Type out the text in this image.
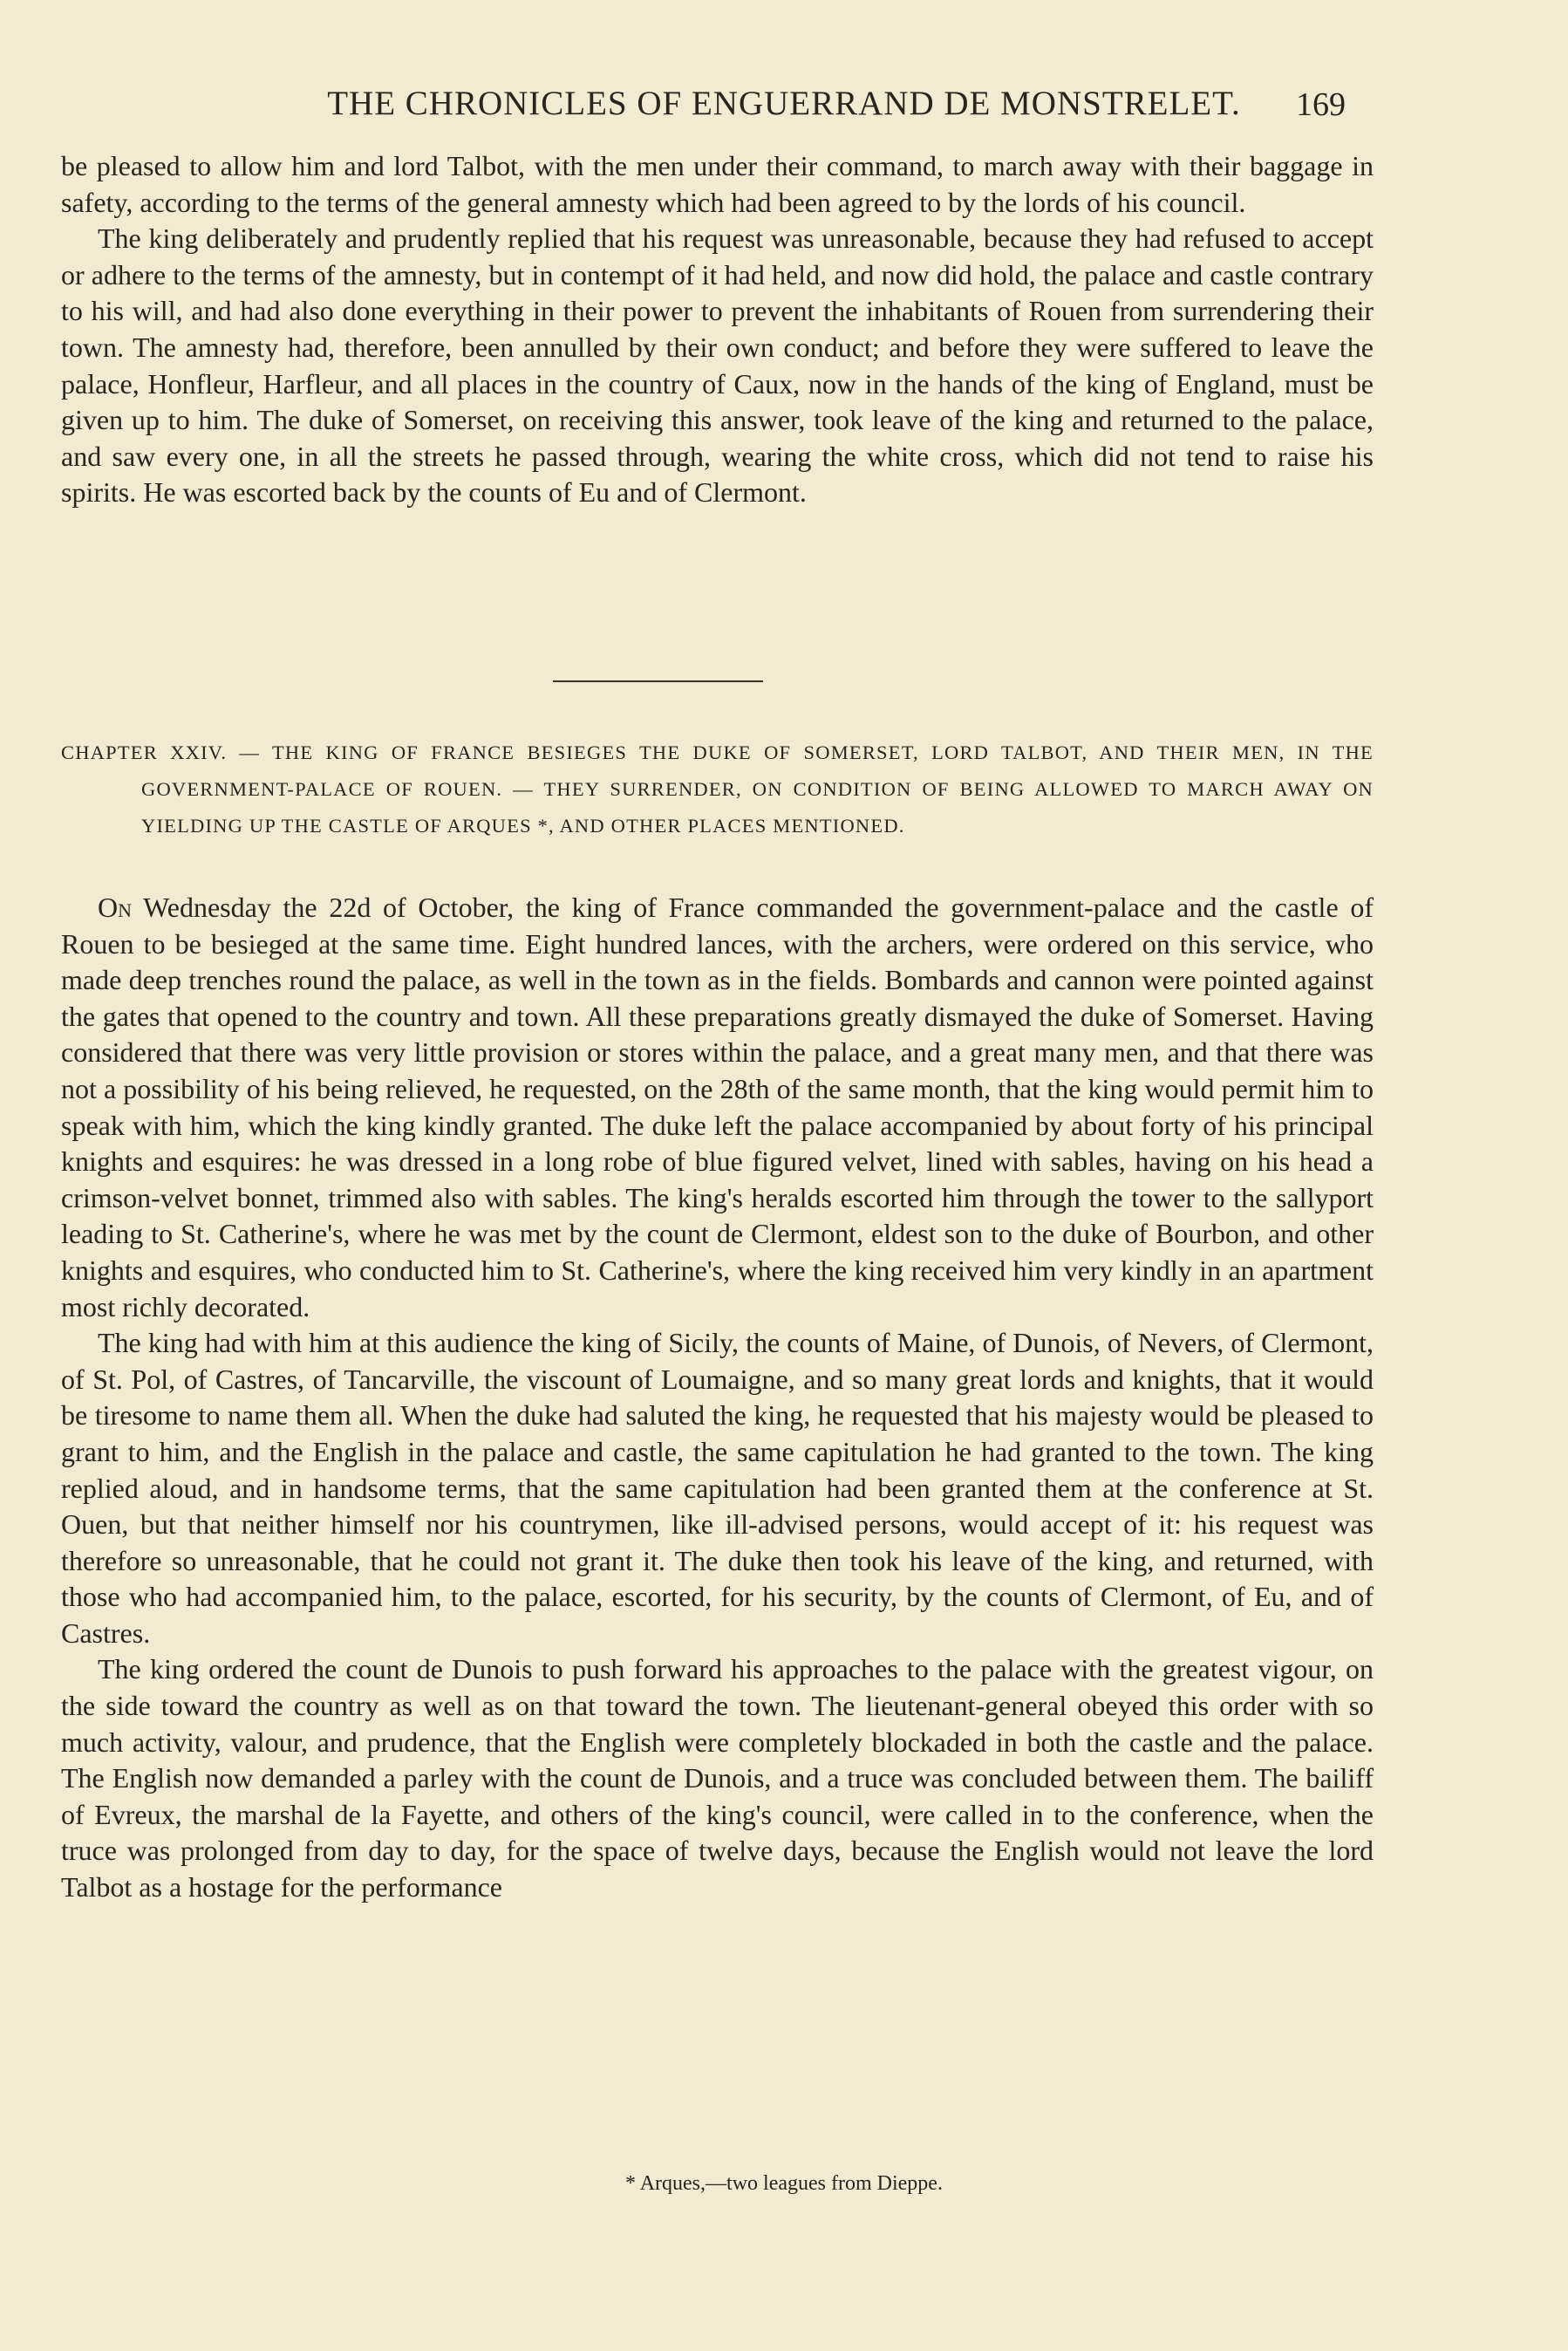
THE CHRONICLES OF ENGUERRAND DE MONSTRELET.	169

be pleased to allow him and lord Talbot, with the men under their command, to march away with their baggage in safety, according to the terms of the general amnesty which had been agreed to by the lords of his council.

The king deliberately and prudently replied that his request was unreasonable, because they had refused to accept or adhere to the terms of the amnesty, but in contempt of it had held, and now did hold, the palace and castle contrary to his will, and had also done everything in their power to prevent the inhabitants of Rouen from surrendering their town. The amnesty had, therefore, been annulled by their own conduct; and before they were suffered to leave the palace, Honfleur, Harfleur, and all places in the country of Caux, now in the hands of the king of England, must be given up to him. The duke of Somerset, on receiving this answer, took leave of the king and returned to the palace, and saw every one, in all the streets he passed through, wearing the white cross, which did not tend to raise his spirits. He was escorted back by the counts of Eu and of Clermont.

CHAPTER XXIV. — THE KING OF FRANCE BESIEGES THE DUKE OF SOMERSET, LORD TALBOT, AND THEIR MEN, IN THE GOVERNMENT-PALACE OF ROUEN. — THEY SURRENDER, ON CONDITION OF BEING ALLOWED TO MARCH AWAY ON YIELDING UP THE CASTLE OF ARQUES *, AND OTHER PLACES MENTIONED.

On Wednesday the 22d of October, the king of France commanded the government-palace and the castle of Rouen to be besieged at the same time. Eight hundred lances, with the archers, were ordered on this service, who made deep trenches round the palace, as well in the town as in the fields. Bombards and cannon were pointed against the gates that opened to the country and town. All these preparations greatly dismayed the duke of Somerset. Having considered that there was very little provision or stores within the palace, and a great many men, and that there was not a possibility of his being relieved, he requested, on the 28th of the same month, that the king would permit him to speak with him, which the king kindly granted. The duke left the palace accompanied by about forty of his principal knights and esquires: he was dressed in a long robe of blue figured velvet, lined with sables, having on his head a crimson-velvet bonnet, trimmed also with sables. The king's heralds escorted him through the tower to the sallyport leading to St. Catherine's, where he was met by the count de Clermont, eldest son to the duke of Bourbon, and other knights and esquires, who conducted him to St. Catherine's, where the king received him very kindly in an apartment most richly decorated.

The king had with him at this audience the king of Sicily, the counts of Maine, of Dunois, of Nevers, of Clermont, of St. Pol, of Castres, of Tancarville, the viscount of Loumaigne, and so many great lords and knights, that it would be tiresome to name them all. When the duke had saluted the king, he requested that his majesty would be pleased to grant to him, and the English in the palace and castle, the same capitulation he had granted to the town. The king replied aloud, and in handsome terms, that the same capitulation had been granted them at the conference at St. Ouen, but that neither himself nor his countrymen, like ill-advised persons, would accept of it: his request was therefore so unreasonable, that he could not grant it. The duke then took his leave of the king, and returned, with those who had accompanied him, to the palace, escorted, for his security, by the counts of Clermont, of Eu, and of Castres.

The king ordered the count de Dunois to push forward his approaches to the palace with the greatest vigour, on the side toward the country as well as on that toward the town. The lieutenant-general obeyed this order with so much activity, valour, and prudence, that the English were completely blockaded in both the castle and the palace. The English now demanded a parley with the count de Dunois, and a truce was concluded between them. The bailiff of Evreux, the marshal de la Fayette, and others of the king's council, were called in to the conference, when the truce was prolonged from day to day, for the space of twelve days, because the English would not leave the lord Talbot as a hostage for the performance

* Arques,—two leagues from Dieppe.
